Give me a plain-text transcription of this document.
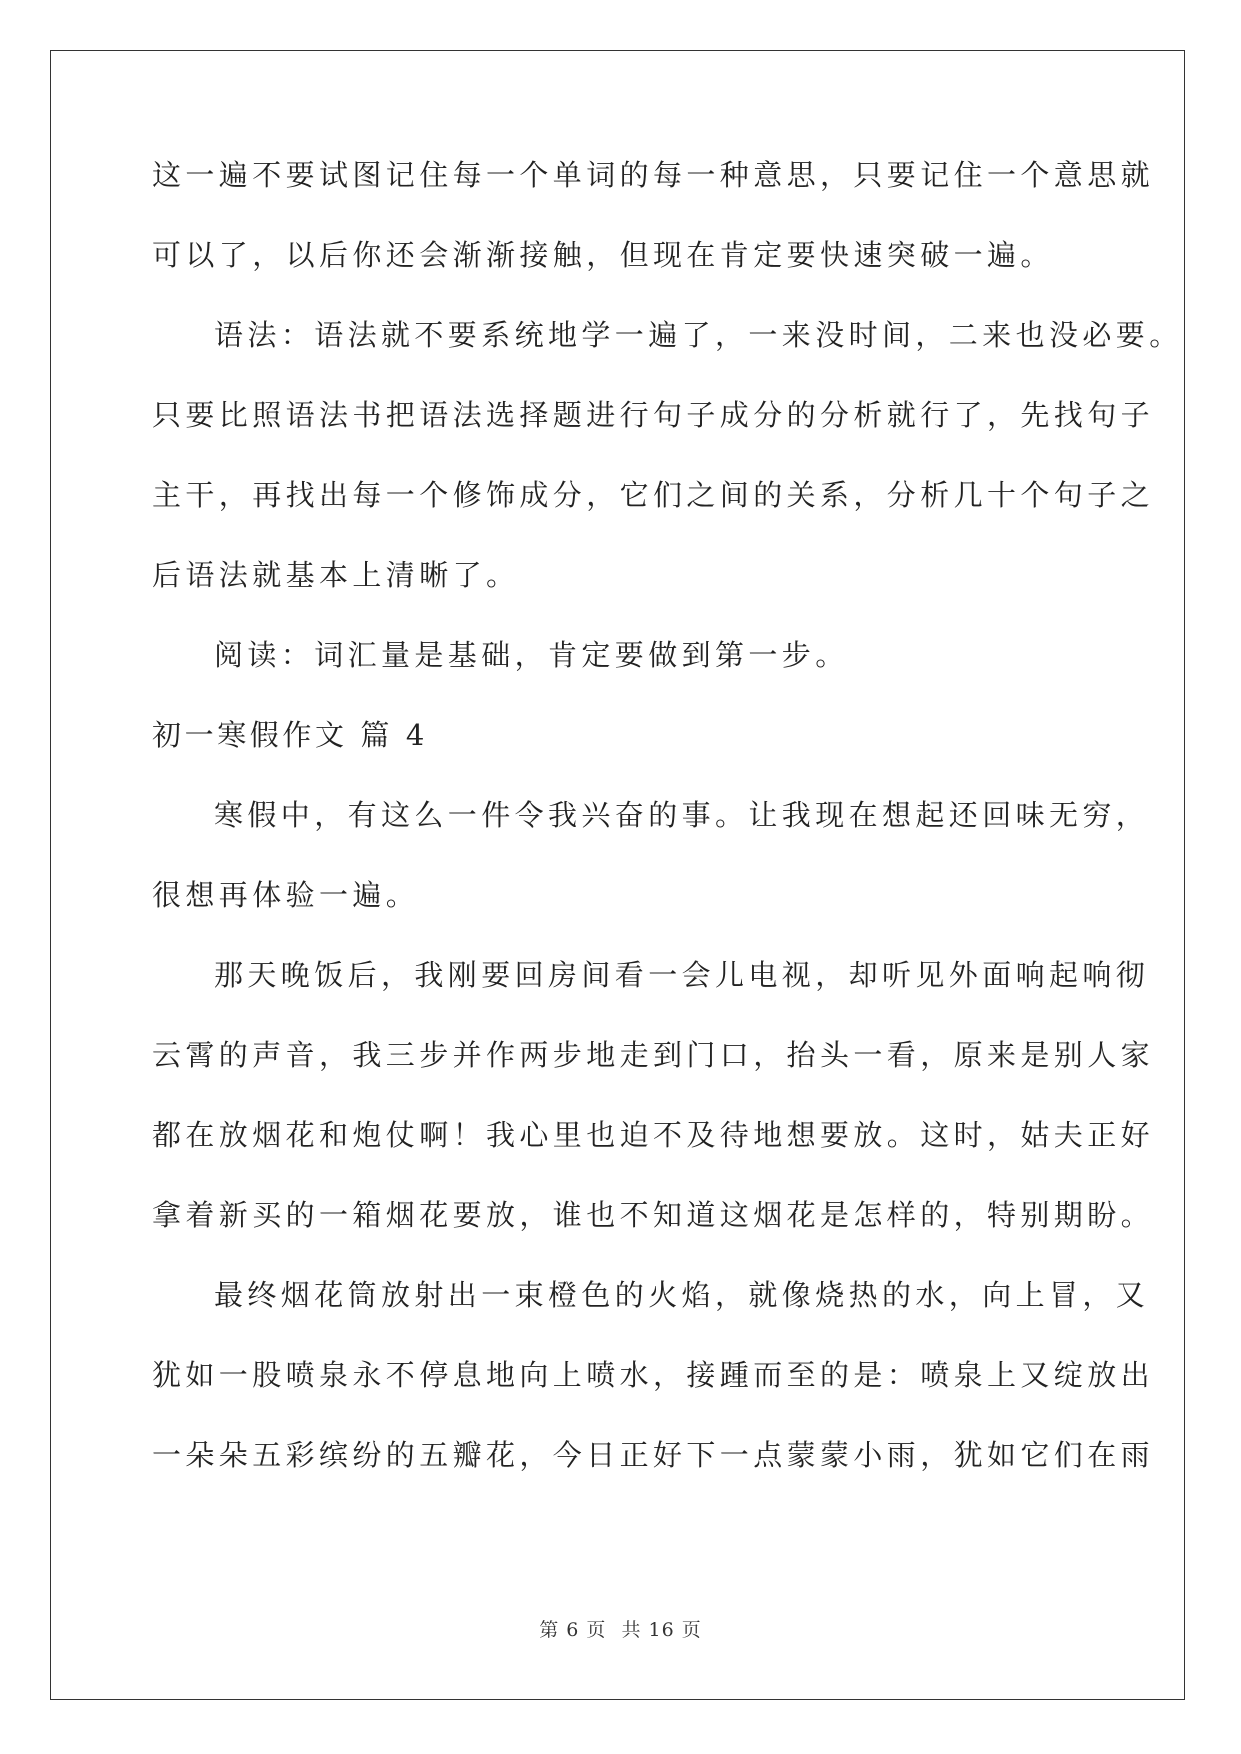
这一遍不要试图记住每一个单词的每一种意思，只要记住一个意思就
可以了，以后你还会渐渐接触，但现在肯定要快速突破一遍。
语法：语法就不要系统地学一遍了，一来没时间，二来也没必要。
只要比照语法书把语法选择题进行句子成分的分析就行了，先找句子
主干，再找出每一个修饰成分，它们之间的关系，分析几十个句子之
后语法就基本上清晰了。
阅读：词汇量是基础，肯定要做到第一步。
初一寒假作文 篇 4
寒假中，有这么一件令我兴奋的事。让我现在想起还回味无穷，
很想再体验一遍。
那天晚饭后，我刚要回房间看一会儿电视，却听见外面响起响彻
云霄的声音，我三步并作两步地走到门口，抬头一看，原来是别人家
都在放烟花和炮仗啊！我心里也迫不及待地想要放。这时，姑夫正好
拿着新买的一箱烟花要放，谁也不知道这烟花是怎样的，特别期盼。
最终烟花筒放射出一束橙色的火焰，就像烧热的水，向上冒，又
犹如一股喷泉永不停息地向上喷水，接踵而至的是：喷泉上又绽放出
一朵朵五彩缤纷的五瓣花，今日正好下一点蒙蒙小雨，犹如它们在雨
第 6 页 共 16 页
